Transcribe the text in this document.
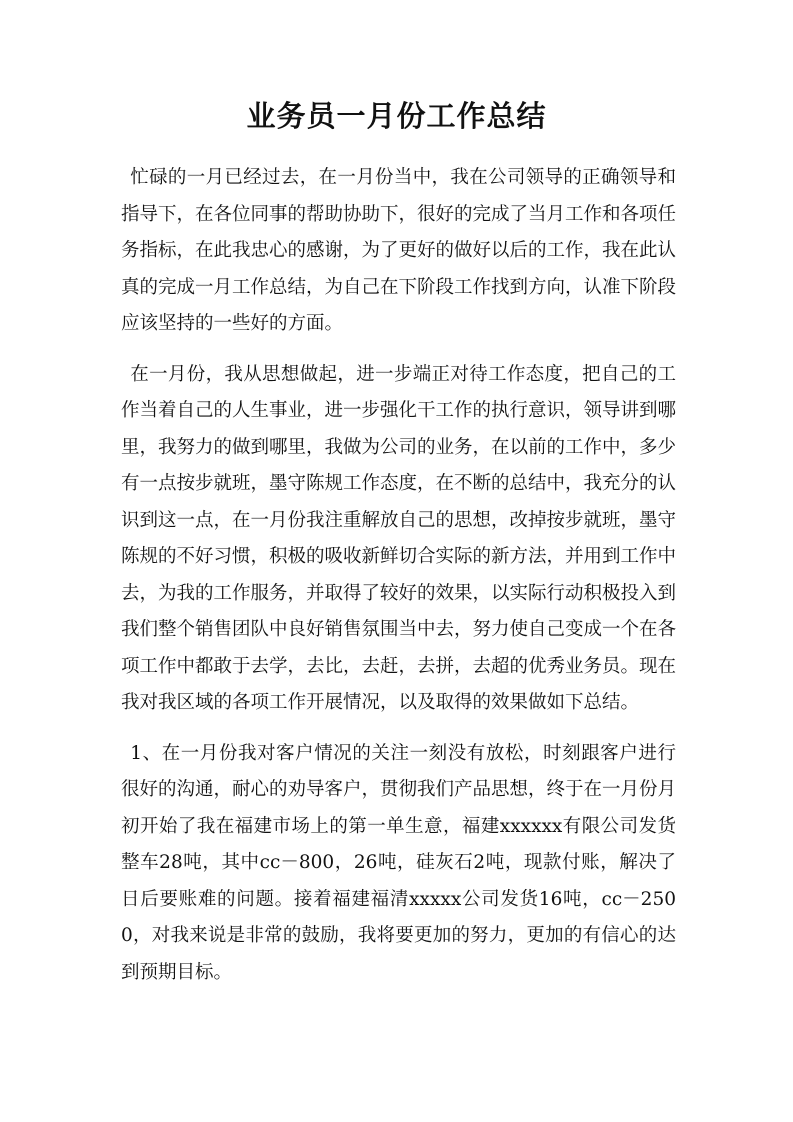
业务员一月份工作总结

忙碌的一月已经过去，在一月份当中，我在公司领导的正确领导和指导下，在各位同事的帮助协助下，很好的完成了当月工作和各项任务指标，在此我忠心的感谢，为了更好的做好以后的工作，我在此认真的完成一月工作总结，为自己在下阶段工作找到方向，认准下阶段应该坚持的一些好的方面。

在一月份，我从思想做起，进一步端正对待工作态度，把自己的工作当着自己的人生事业，进一步强化干工作的执行意识，领导讲到哪里，我努力的做到哪里，我做为公司的业务，在以前的工作中，多少有一点按步就班，墨守陈规工作态度，在不断的总结中，我充分的认识到这一点，在一月份我注重解放自己的思想，改掉按步就班，墨守陈规的不好习惯，积极的吸收新鲜切合实际的新方法，并用到工作中去，为我的工作服务，并取得了较好的效果，以实际行动积极投入到我们整个销售团队中良好销售氛围当中去，努力使自己变成一个在各项工作中都敢于去学，去比，去赶，去拼，去超的优秀业务员。现在我对我区域的各项工作开展情况，以及取得的效果做如下总结。

1、在一月份我对客户情况的关注一刻没有放松，时刻跟客户进行很好的沟通，耐心的劝导客户，贯彻我们产品思想，终于在一月份月初开始了我在福建市场上的第一单生意，福建xxxxxx有限公司发货整车28吨，其中cc－800，26吨，硅灰石2吨，现款付账，解决了日后要账难的问题。接着福建福清xxxxx公司发货16吨，cc－2500，对我来说是非常的鼓励，我将要更加的努力，更加的有信心的达到预期目标。
